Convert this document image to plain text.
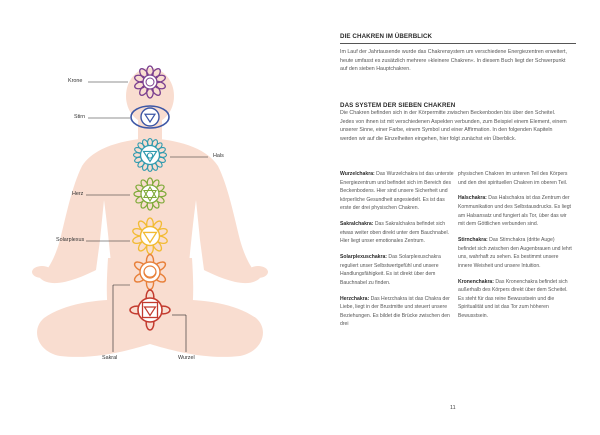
Krone
Stirn
Hals
Herz
Solarplexus
Sakral	Wurzel
DIE CHAKREN IM ÜBERBLICK

Im Lauf der Jahrtausende wurde das Chakrensystem um verschiedene Energiezentren erweitert, heute umfasst es zusätzlich mehrere »kleinere Chakren«. In diesem Buch liegt der Schwerpunkt auf den sieben Hauptchakren.

DAS SYSTEM DER SIEBEN CHAKREN

Die Chakren befinden sich in der Körpermitte zwischen Beckenboden bis über den Scheitel. Jedes von ihnen ist mit verschiedenen Aspekten verbunden, zum Beispiel einem Element, einem unserer Sinne, einer Farbe, einem Symbol und einer Affirmation. In den folgenden Kapiteln werden wir auf die Einzelheiten eingehen, hier folgt zunächst ein Überblick.

Wurzelchakra: Das Wurzelchakra ist das unterste Energiezentrum und befindet sich im Bereich des Beckenbodens. Hier sind unsere Sicherheit und körperliche Gesundheit angesiedelt. Es ist das erste der drei physischen Chakren.

Sakralchakra: Das Sakralchakra befindet sich etwas weiter oben direkt unter dem Bauchnabel. Hier liegt unser emotionales Zentrum.

Solarplexuschakra: Das Solarplexuschakra reguliert unser Selbstwertgefühl und unsere Handlungsfähigkeit. Es ist direkt über dem Bauchnabel zu finden.

Herzchakra: Das Herzchakra ist das Chakra der Liebe, liegt in der Brustmitte und steuert unsere Beziehungen. Es bildet die Brücke zwischen den drei

physischen Chakren im unteren Teil des Körpers und den drei spirituellen Chakren im oberen Teil.

Halschakra: Das Halschakra ist das Zentrum der Kommunikation und des Selbstausdrucks. Es liegt am Halsansatz und fungiert als Tor, über das wir mit dem Göttlichen verbunden sind.

Stirnchakra: Das Stirnchakra (dritte Auge) befindet sich zwischen den Augenbrauen und lehrt uns, wahrhaft zu sehen. Es bestimmt unsere innere Weisheit und unsere Intuition.

Kronenchakra: Das Kronenchakra befindet sich außerhalb des Körpers direkt über dem Scheitel. Es steht für das reine Bewusstsein und die Spiritualität und ist das Tor zum höheren Bewusstsein.

11
